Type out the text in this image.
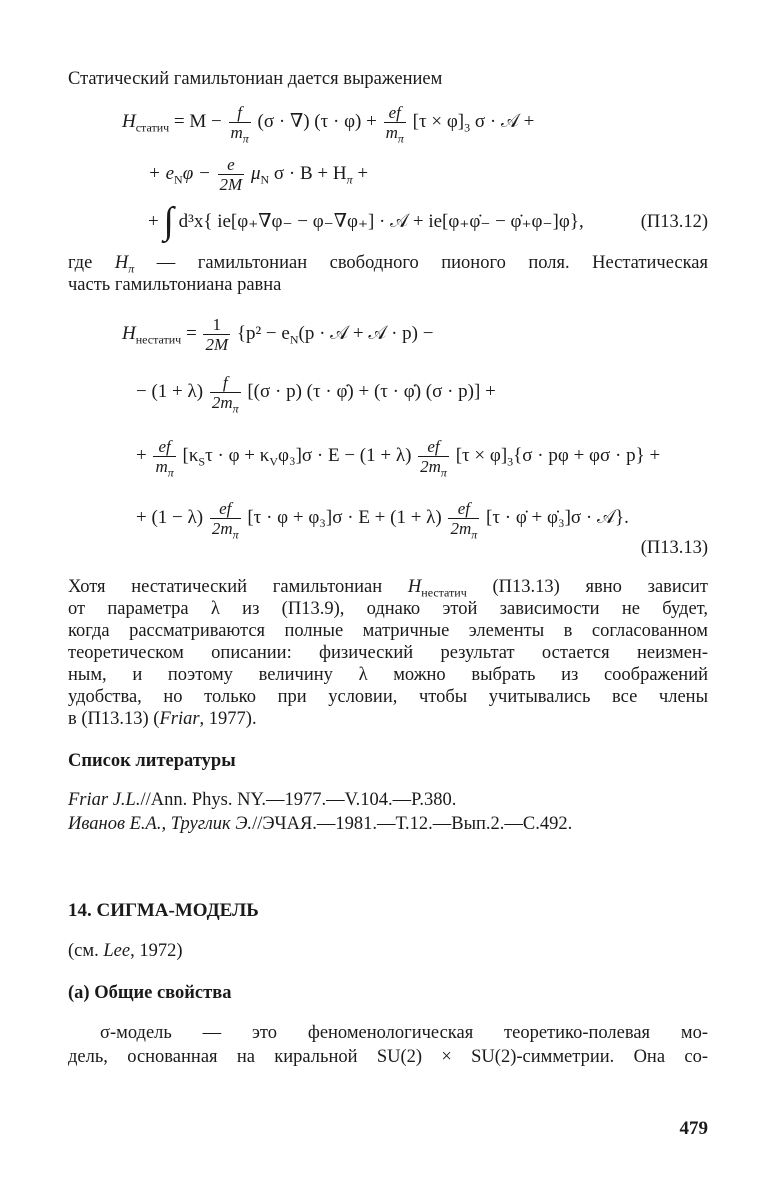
Статический гамильтониан дается выражением
$H_{статич} = M - \frac{f}{m_\pi} (\sigma$ · ∇) $(\tau \cdot \varphi) + \frac{ef}{m_\pi} [\tau \times \varphi]_3$ σ · 𝒜 +
+ $e_N\varphi - \frac{e}{2M} \mu_N$ $\sigma \cdot B + H_\pi$ +
+ ∫ d³x{ ie[φ₊∇φ₋ − φ₋∇φ₊] · 𝒜 + ie[φ₊φ̇₋ − φ̇₊φ₋]φ},	(П13.12)
где $H_\pi$ — гамильтониан свободного пионого поля. Нестатическая
часть гамильтониана равна
$H_{нестатич} = \frac{1}{2M} \{p^2 - e_N(p$ · 𝒜 + 𝒜 · p) −
− $(1 + \lambda) \frac{f}{2m_\pi} [(\sigma \cdot p) (\tau$ · φ̇) + (τ · φ̇) (σ · p)] +
+ $\frac{ef}{m_\pi} [\kappa_S\tau \cdot \varphi + \kappa_V\varphi_3]\sigma \cdot E - (1 + \lambda) \frac{ef}{2m_\pi} [\tau \times \varphi]_3\{\sigma \cdot p\varphi + \varphi\sigma \cdot p\}$ +
+ $(1 - \lambda) \frac{ef}{2m_\pi} [\tau \cdot \varphi + \varphi_3]\sigma \cdot E + (1 + \lambda) \frac{ef}{2m_\pi} [\tau$ · φ̇ + φ̇₃]σ · 𝒜}.
(П13.13)
Хотя нестатический гамильтониан $H_{нестатич}$ (П13.13) явно зависит
от параметра λ из (П13.9), однако этой зависимости не будет,
когда рассматриваются полные матричные элементы в согласованном
теоретическом описании: физический результат остается неизмен-
ным, и поэтому величину λ можно выбрать из соображений
удобства, но только при условии, чтобы учитывались все члены
в (П13.13) (Friar, 1977).
Список литературы
Friar J.L.//Ann. Phys. NY.—1977.—V.104.—P.380.
Иванов Е.А., Труглик Э.//ЭЧАЯ.—1981.—Т.12.—Вып.2.—С.492.
14. СИГМА-МОДЕЛЬ
(см. Lee, 1972)
(а) Общие свойства
σ-модель — это феноменологическая теоретико-полевая мо-
дель, основанная на киральной SU(2) × SU(2)-симметрии. Она со-
479
